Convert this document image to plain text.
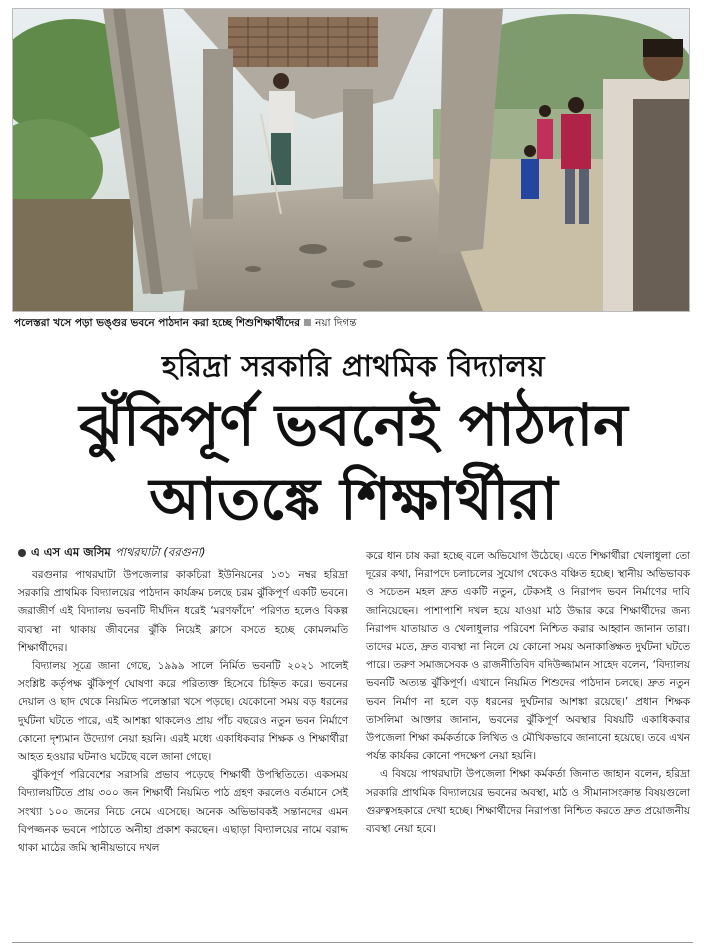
পলেস্তরা খসে পড়া ভঙ্গুর ভবনে পাঠদান করা হচ্ছে শিশুশিক্ষার্থীদের নয়া দিগন্ত
হরিদ্রা সরকারি প্রাথমিক বিদ্যালয়
ঝুঁকিপূর্ণ ভবনেই পাঠদান
আতঙ্কে শিক্ষার্থীরা
এ এস এম জসিম পাথরঘাটা (বরগুনা)

বরগুনার পাথরঘাটা উপজেলার কাকচিরা ইউনিয়নের ১৩১ নম্বর হরিদ্রা সরকারি প্রাথমিক বিদ্যালয়ের পাঠদান কার্যক্রম চলছে চরম ঝুঁকিপূর্ণ একটি ভবনে। জরাজীর্ণ এই বিদ্যালয় ভবনটি দীর্ঘদিন ধরেই ‘মরণফাঁদে’ পরিণত হলেও বিকল্প ব্যবস্থা না থাকায় জীবনের ঝুঁকি নিয়েই ক্লাসে বসতে হচ্ছে কোমলমতি শিক্ষার্থীদের।

বিদ্যালয় সূত্রে জানা গেছে, ১৯৯৯ সালে নির্মিত ভবনটি ২০২১ সালেই সংশ্লিষ্ট কর্তৃপক্ষ ঝুঁকিপূর্ণ ঘোষণা করে পরিত্যক্ত হিসেবে চিহ্নিত করে। ভবনের দেয়াল ও ছাদ থেকে নিয়মিত পলেস্তারা খসে পড়ছে। যেকোনো সময় বড় ধরনের দুর্ঘটনা ঘটতে পারে, এই আশঙ্কা থাকলেও প্রায় পাঁচ বছরেও নতুন ভবন নির্মাণে কোনো দৃশ্যমান উদ্যোগ নেয়া হয়নি। এরই মধ্যে একাধিকবার শিক্ষক ও শিক্ষার্থীরা আহত হওয়ার ঘটনাও ঘটেছে বলে জানা গেছে।

ঝুঁকিপূর্ণ পরিবেশের সরাসরি প্রভাব পড়েছে শিক্ষার্থী উপস্থিতিতে। একসময় বিদ্যালয়টিতে প্রায় ৩০০ জন শিক্ষার্থী নিয়মিত পাঠ গ্রহণ করলেও বর্তমানে সেই সংখ্যা ১০০ জনের নিচে নেমে এসেছে। অনেক অভিভাবকই সন্তানদের এমন বিপজ্জনক ভবনে পাঠাতে অনীহা প্রকাশ করছেন। এছাড়া বিদ্যালয়ের নামে বরাদ্দ থাকা মাঠের জমি স্থানীয়ভাবে দখল

করে ধান চাষ করা হচ্ছে বলে অভিযোগ উঠেছে। এতে শিক্ষার্থীরা খেলাধুলা তো দূরের কথা, নিরাপদে চলাচলের সুযোগ থেকেও বঞ্চিত হচ্ছে। স্থানীয় অভিভাবক ও সচেতন মহল দ্রুত একটি নতুন, টেকসই ও নিরাপদ ভবন নির্মাণের দাবি জানিয়েছেন। পাশাপাশি দখল হয়ে যাওয়া মাঠ উদ্ধার করে শিক্ষার্থীদের জন্য নিরাপদ যাতায়াত ও খেলাধুলার পরিবেশ নিশ্চিত করার আহ্বান জানান তারা। তাদের মতে, দ্রুত ব্যবস্থা না নিলে যে কোনো সময় অনাকাঙ্ক্ষিত দুর্ঘটনা ঘটতে পারে। তরুণ সমাজসেবক ও রাজনীতিবিদ বদিউজ্জামান সাহেদ বলেন, ‘বিদ্যালয় ভবনটি অত্যন্ত ঝুঁকিপূর্ণ। এখানে নিয়মিত শিশুদের পাঠদান চলছে। দ্রুত নতুন ভবন নির্মাণ না হলে বড় ধরনের দুর্ঘটনার আশঙ্কা রয়েছে।’ প্রধান শিক্ষক তাসলিমা আক্তার জানান, ভবনের ঝুঁকিপূর্ণ অবস্থার বিষয়টি একাধিকবার উপজেলা শিক্ষা কর্মকর্তাকে লিখিত ও মৌখিকভাবে জানানো হয়েছে। তবে এখন পর্যন্ত কার্যকর কোনো পদক্ষেপ নেয়া হয়নি।

এ বিষয়ে পাথরঘাটা উপজেলা শিক্ষা কর্মকর্তা জিনাত জাহান বলেন, হরিদ্রা সরকারি প্রাথমিক বিদ্যালয়ের ভবনের অবস্থা, মাঠ ও সীমানাসংক্রান্ত বিষয়গুলো গুরুত্বসহকারে দেখা হচ্ছে। শিক্ষার্থীদের নিরাপত্তা নিশ্চিত করতে দ্রুত প্রয়োজনীয় ব্যবস্থা নেয়া হবে।
